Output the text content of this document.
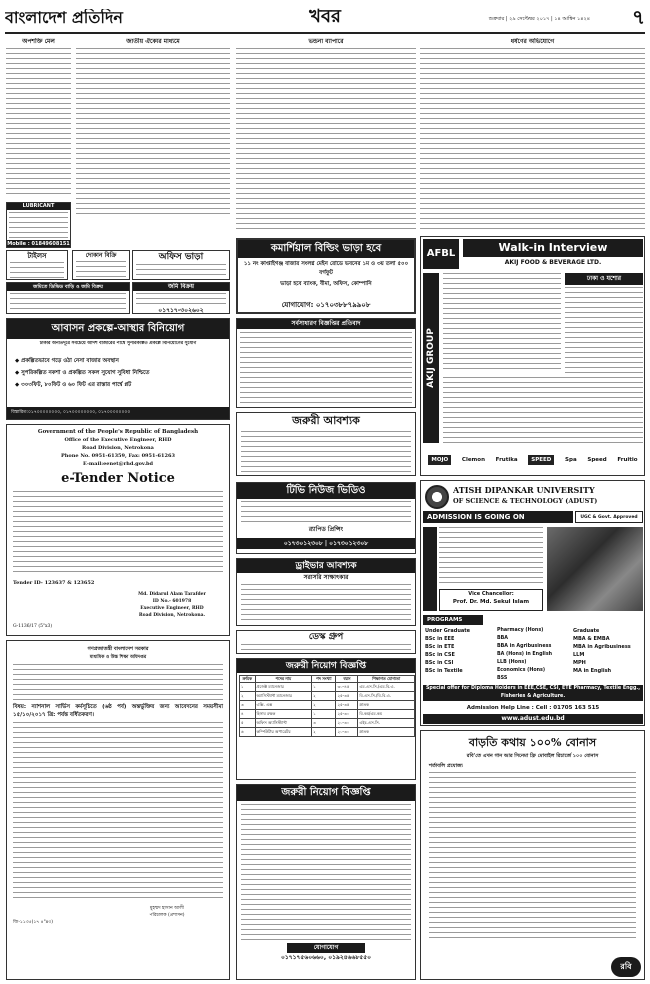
বাংলাদেশ প্রতিদিন	খবর	শুক্রবার | ২৯ সেপ্টেম্বর ২০১৭ | ১৪ আশ্বিন ১৪২৪	৭
অপশক্তি মেল
LUBRICANT
Mobile : 01849608151
জাতীয় ঐক্যের মাধ্যমে
টাইলস	দোকান বিক্রি	অফিস ভাড়া
জমিতে ডিভিড বাড়ি ও জমি বিক্রয়	জমি বিক্রয়
০১৭১৭-৩০২৬০২
ভন্ডনা ব্যাপারে	ধর্ষণের অভিযোগে
আবাসন প্রকল্পে-আস্থার বিনিয়োগ
ঢাকার অনতিদূরে সবচেয়ে আদর্শ বাজারের পার্শ্বে সুপরিকল্পিত প্রকল্পে বিনিয়োগের সুযোগ
◆ প্রকল্পিতভাবে গড়ে ওঠা নেসা বাজার অবস্থান
◆ সুপরিকল্পিত নকশা ও প্রকল্পিত সকল সুযোগ সুবিধা নিশ্চিতে
◆ ৩০৩ফিট, ৮০ফিট ও ৬০ ফিট এর রাস্তার পার্শ্বে প্লট
বিস্তারিত:০১৭০০০০০০০০, ০১৭০০০০০০০০, ০১৭০০০০০০০০
কমার্শিয়াল বিল্ডিং ভাড়া হবে
১১ নং কাপ্তাইগঞ্জ বাজার সংলগ্ন মেইন রোডে ভবনের ১ম ও ৩য় তলা ৫০০ বর্গফুট
ভাড়া হবে ব্যাংক, বীমা, অফিস, কোম্পানি
যোগাযোগ: ০১৭০৩৮৮৭৯৯০৮
AFBL	Walk-in Interview
AKIJ FOOD & BEVERAGE LTD.
AKIJ GROUP
ঢাকা ও যশোর
MOJO	Clemon Frutika	SPEED	Spa Speed Fruitio
সর্বসাধারণ বিজ্ঞপ্তির প্রতিবাদ
জরুরী আবশ্যক
Government of the People's Republic of Bangladesh
Office of the Executive Engineer, RHD
Road Division, Netrokona
Phone No. 0951-61359, Fax: 0951-61263
E-mail:eenet@rhd.gov.bd
e-Tender Notice
Tender ID- 123637 & 123652
Md. Didarul Alam Tarafder
ID No.- 601978
Executive Engineer, RHD
Road Division, Netrokona.
G-1136/17 (5"x3)
টিভি নিউজ ভিডিও
র‌্যাপিড প্রিন্সিং
০১৭৩০১২৩০৮ | ০১৭৩০১২৩০৮
ড্রাইভার আবশ্যক
সরাসরি সাক্ষাৎকার
ATISH DIPANKAR UNIVERSITY
OF SCIENCE & TECHNOLOGY (ADUST)
ADMISSION IS GOING ON	UGC & Govt. Approved
Vice Chancellor:
Prof. Dr. Md. Sekul Islam
PROGRAMS
Under Graduate
BSc in EEE
BSc in ETE
BSc in CSE
BSc in CSI
BSc in Textile
Pharmacy (Hons)
BBA
BBA in Agribusiness
BA (Hons) in English
LLB (Hons)
Economics (Hons)
BSS
Graduate
MBA & EMBA
MBA in Agribusiness
LLM
MPH
MA in English
Special offer for Diploma Holders in EEE,CSE, CSI, ETE Pharmacy, Textile Engg., Fisheries & Agriculture.
Admission Help Line : Cell : 01705 163 515
www.adust.edu.bd
ডেস্ক গ্রুপ
জরুরী নিয়োগ বিজ্ঞপ্তি
ক্রমিক	পদের নাম	পদ সংখ্যা	বয়স	শিক্ষাগত যোগ্যতা
১	প্রজেক্ট ম্যানেজার	১	৩০-৪৫	এম.এস.সি./এম.বি.এ.
২	অ্যাসিস্ট্যান্ট ম্যানেজার	২	২৫-৩৫	বি.এস.সি./বি.বি.এ.
৩	এক্সি. এক্স	২	২৫-৩৫	স্নাতক
৪	হিসাব রক্ষক	১	২৫-৩০	বি.কম/এম.কম
৫	অফিস অ্যাসিস্ট্যান্ট	৩	২০-৩০	এইচ.এস.সি.
৬	কম্পিউটার অপারেটর	২	২০-৩০	স্নাতক
গণপ্রজাতন্ত্রী বাংলাদেশ সরকার
মাধ্যমিক ও উচ্চ শিক্ষা অধিদপ্তর
বিষয়: ন্যাশনাল সার্ভিস কর্মসূচিতে (৬ষ্ঠ পর্ব) অন্তর্ভুক্তির জন্য আবেদনের সময়সীমা ১৫/১০/২০১৭ খ্রি: পর্যন্ত বর্ধিতকরণ।
মুহম্মদ হাসান আলী
পরিচালক (প্রশাসন)
জি-১১৩৫(১৭ ৪"x৩)
জরুরী নিয়োগ বিজ্ঞপ্তি
যোগাযোগ
০১৭১৭৫৬০৬৬০, ০১৯২৪৬৬৮৫৫০
বাড়তি কথায় ১০০% বোনাস
রবি'তে এখন গান আর সিনেমা ফ্রি মোবাইল রিচার্জে ১০০ বোনাস
শর্তাবলি প্রযোজ্য
রবি
